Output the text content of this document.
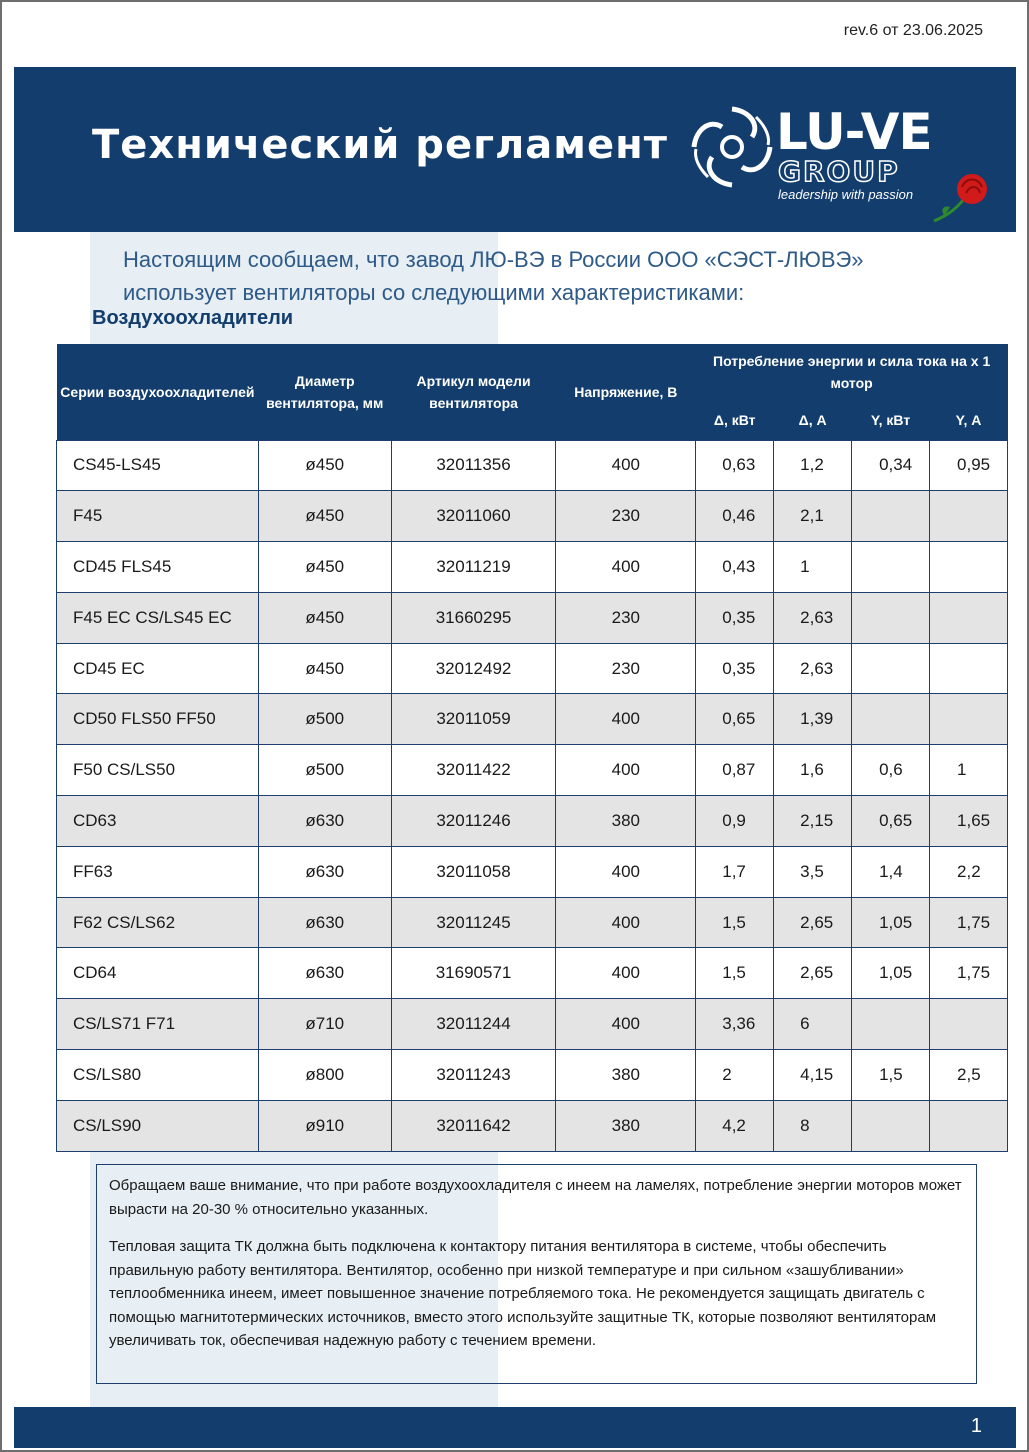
rev.6 от 23.06.2025
Технический регламент LU-VE
GROUP
leadership with passion
Настоящим сообщаем, что завод ЛЮ-ВЭ в России ООО «СЭСТ-ЛЮВЭ»
использует вентиляторы со следующими характеристиками:
Воздухоохладители
Серии воздухоохладителей	Диаметр вентилятора, мм	Артикул модели вентилятора	Напряжение, В	Потребление энергии и сила тока на х 1 мотор			
				Δ, кВт	Δ, А	Y, кВт	Y, А
CS45-LS45	ø450	32011356	400	0,63	1,2	0,34	0,95
F45	ø450	32011060	230	0,46	2,1		
CD45 FLS45	ø450	32011219	400	0,43	1		
F45 EC CS/LS45 EC	ø450	31660295	230	0,35	2,63		
CD45 EC	ø450	32012492	230	0,35	2,63		
CD50 FLS50 FF50	ø500	32011059	400	0,65	1,39		
F50 CS/LS50	ø500	32011422	400	0,87	1,6	0,6	1
CD63	ø630	32011246	380	0,9	2,15	0,65	1,65
FF63	ø630	32011058	400	1,7	3,5	1,4	2,2
F62 CS/LS62	ø630	32011245	400	1,5	2,65	1,05	1,75
CD64	ø630	31690571	400	1,5	2,65	1,05	1,75
CS/LS71 F71	ø710	32011244	400	3,36	6		
CS/LS80	ø800	32011243	380	2	4,15	1,5	2,5
CS/LS90	ø910	32011642	380	4,2	8		

Обращаем ваше внимание, что при работе воздухоохладителя с инеем на ламелях, потребление энергии моторов может вырасти на 20-30 % относительно указанных.

Тепловая защита ТК должна быть подключена к контактору питания вентилятора в системе, чтобы обеспечить правильную работу вентилятора. Вентилятор, особенно при низкой температуре и при сильном «зашубливании» теплообменника инеем, имеет повышенное значение потребляемого тока. Не рекомендуется защищать двигатель с помощью магнитотермических источников, вместо этого используйте защитные ТК, которые позволяют вентиляторам увеличивать ток, обеспечивая надежную работу с течением времени.

1
